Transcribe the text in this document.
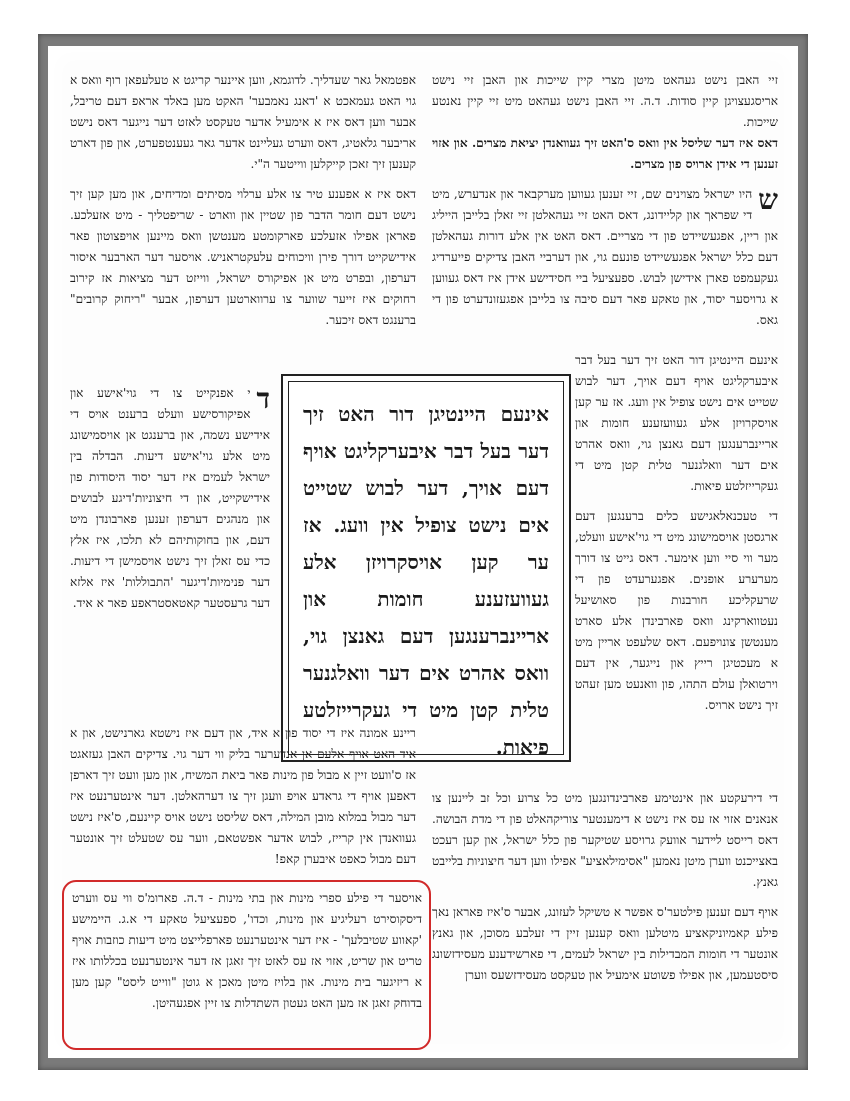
זיי האבן נישט געהאט מיטן מצרי קיין שייכות און האבן זיי נישט אריסגעצויגן קיין סודות. ד.ה. זיי האבן נישט געהאט מיט זיי קיין נאנטע שייכות.

דאס איז דער שליסל אין וואס ס'האט זיך געוואנדן יציאת מצרים. און אזוי זענען די אידן ארויס פון מצרים.

ש
היו ישראל מצוינים שם, זיי זענען געווען מערקבאר און אנדערש, מיט די שפראך און קליידונג, דאס האט זיי געהאלטן זיי זאלן בלייבן הייליג און ריין, אפגעשיידט פון די מצריים. דאס האט אין אלע דורות געהאלטן דעם כלל ישראל אפגעשיידט פונעם גוי, און דערביי האבן צדיקים פייערדיג געקעמפט פארן אידישן לבוש. ספעציעל ביי חסידישע אידן איז דאס געווען א גרויסער יסוד, און טאקע פאר דעם סיבה צו בלייבן אפגעזונדערט פון די גאס.

אינעם היינטיגן דור האט זיך דער בעל דבר איבערקליגט אויף דעם אויך, דער לבוש שטייט אים נישט צופיל אין וועג. אז ער קען אויסקרויזן אלע געוועזענע חומות און אריינברענגען דעם גאנצן גוי, וואס אהרט אים דער וואלגנער טלית קטן מיט די געקרייזלטע פיאות.

די טעכנאלאגישע כלים ברענגען דעם ארגסטן אויסמישונג מיט די גוי'אישע וועלט, מער ווי סיי ווען אימער. דאס גייט צו דורך מערערע אופנים. אפגערעדט פון די שרעקליכע חורבנות פון סאושיעל נעטווארקינג וואס פארבינדן אלע סארט מענטשן צונויפעם. דאס שלעפט אריין מיט א מעכטיגן רייץ און נייגער, אין דעם וירטואלן עולם התהו, פון וואנעט מען זעהט זיך נישט ארויס.

אפטמאל גאר שעדליך. לדוגמא, ווען איינער קריגט א טעלעפאן רוף וואס א גוי האט געמאכט א 'דאנג נאמבער' האקט מען באלד אראפ דעם טריבל, אבער ווען דאס איז א אימעיל אדער טעקסט לאזט דער נייגער דאס נישט אריבער גלאטיג, דאס ווערט געליינט אדער גאר געענטפערט, און פון דארט קענען זיך זאכן קייקלען ווייטער ה"י.

דאס איז א אפענע טיר צו אלע ערלוי מסיתים ומדיחים, און מען קען זיך נישט דעם חומר הדבר פון שטיין און ווארט - שריפטליך - מיט אזעלכע. פאראן אפילו אזעלכע פארקומטע מענטשן וואס מיינען אויפצוטון פאר אידישקייט דורך פירן וויכוחים עלעקטראניש. אויסער דער הארבער איסור דערפון, ובפרט מיט אן אפיקורס ישראל, ווייזט דער מציאות אז קירוב רחוקים איז זייער שווער צו ערווארטען דערפון, אבער "ריחוק קרובים" ברענגט דאס זיכער.

ד
י אפנקייט צו די גוי'אישע און אפיקורסישע וועלט ברענט אויס די אידישע נשמה, און ברענגט אן אויסמישונג מיט אלע גוי'אישע דיעות. הבדלה בין ישראל לעמים איז דער יסוד היסודות פון אידישקייט, און די חיצוניות'דיגע לבושים און מנהגים דערפון זענען פארבונדן מיט דעם, און בחוקותיהם לא תלכו, איז אלץ כדי עס זאלן זיך נישט אויסמישן די דיעות. דער פנימיות'דיגער 'התבוללות' איז אלזא דער גרעסטער קאטאסטראפע פאר א איד.

אינעם היינטיגן דור האט זיך דער בעל דבר איבערקליגט אויף דעם אויך, דער לבוש שטייט אים נישט צופיל אין וועג. אז ער קען אויסקרויזן אלע געוועזענע חומות און אריינברענגען דעם גאנצן גוי, וואס אהרט אים דער וואלגנער טלית קטן מיט די געקרייזלטע פיאות.

ריינע אמונה איז די יסוד פון א איד, און דעם איז נישטא גארנישט, און א איד האט אויף אלעם אן אנדערער בליק ווי דער גוי. צדיקים האבן געזאגט אז ס'וועט זיין א מבול פון מינות פאר ביאת המשיח, און מען וועט זיך דארפן דאפען אויף די גראדע אויפ וועגן זיך צו דערהאלטן. דער אינטערנעט איז דער מבול במלוא מובן המילה, דאס שליסט נישט אויס קיינעם, ס'איז נישט געוואנדן אין קרייז, לבוש אדער אפשטאם, ווער עס שטעלט זיך אונטער דעם מבול כאפט איבערן קאפ!

די דירעקטע און אינטימע פארבינדונגען מיט כל צרוע וכל זב ליינען צו אנאנים אזוי אז עס איז נישט א דימענטער צוריקהאלט פון די מדת הבושה. דאס רייסט לײדער אוועק גרויסע שטיקער פון כלל ישראל, און קען רעכט באצייכנט ווערן מיטן נאמען "אסימילאציע" אפילו ווען דער חיצוניות בלייבט גאנץ.

אויף דעם זענען פילטער'ס אפשר א טשיקל לעזונג, אבער ס'איז פאראן נאך פילע קאמיוניקאציע מיטלען וואס קענען זיין די זעלבע מסוכן, און גאנץ אונטער די חומות המבדילות בין ישראל לעמים, די פארשידענע מעסידזשונג סיסטעמען, און אפילו פשוטע אימעיל און טעקסט מעסידזשעס ווערן

אויסער די פילע ספרי מינות און בתי מינות - ד.ה. פארומ'ס ווי עס ווערט דיסקוסירט רעליגיע און מינות, וכדו', ספעציעל טאקע די א.ג. היימישע 'קאווע שטיבלעך' - איז דער אינטערנעט פארפלייצט מיט דיעות כוזבות אויף טריט און שריט, אזוי אז עס לאזט זיך זאגן אז דער אינטערנעט בכללותו איז א ריזיגער בית מינות. און בלויז מיטן מאכן א גוטן "ווייט ליסט" קען מען בדוחק זאגן אז מען האט געטון השתדלות צו זיין אפגעהיטן.
